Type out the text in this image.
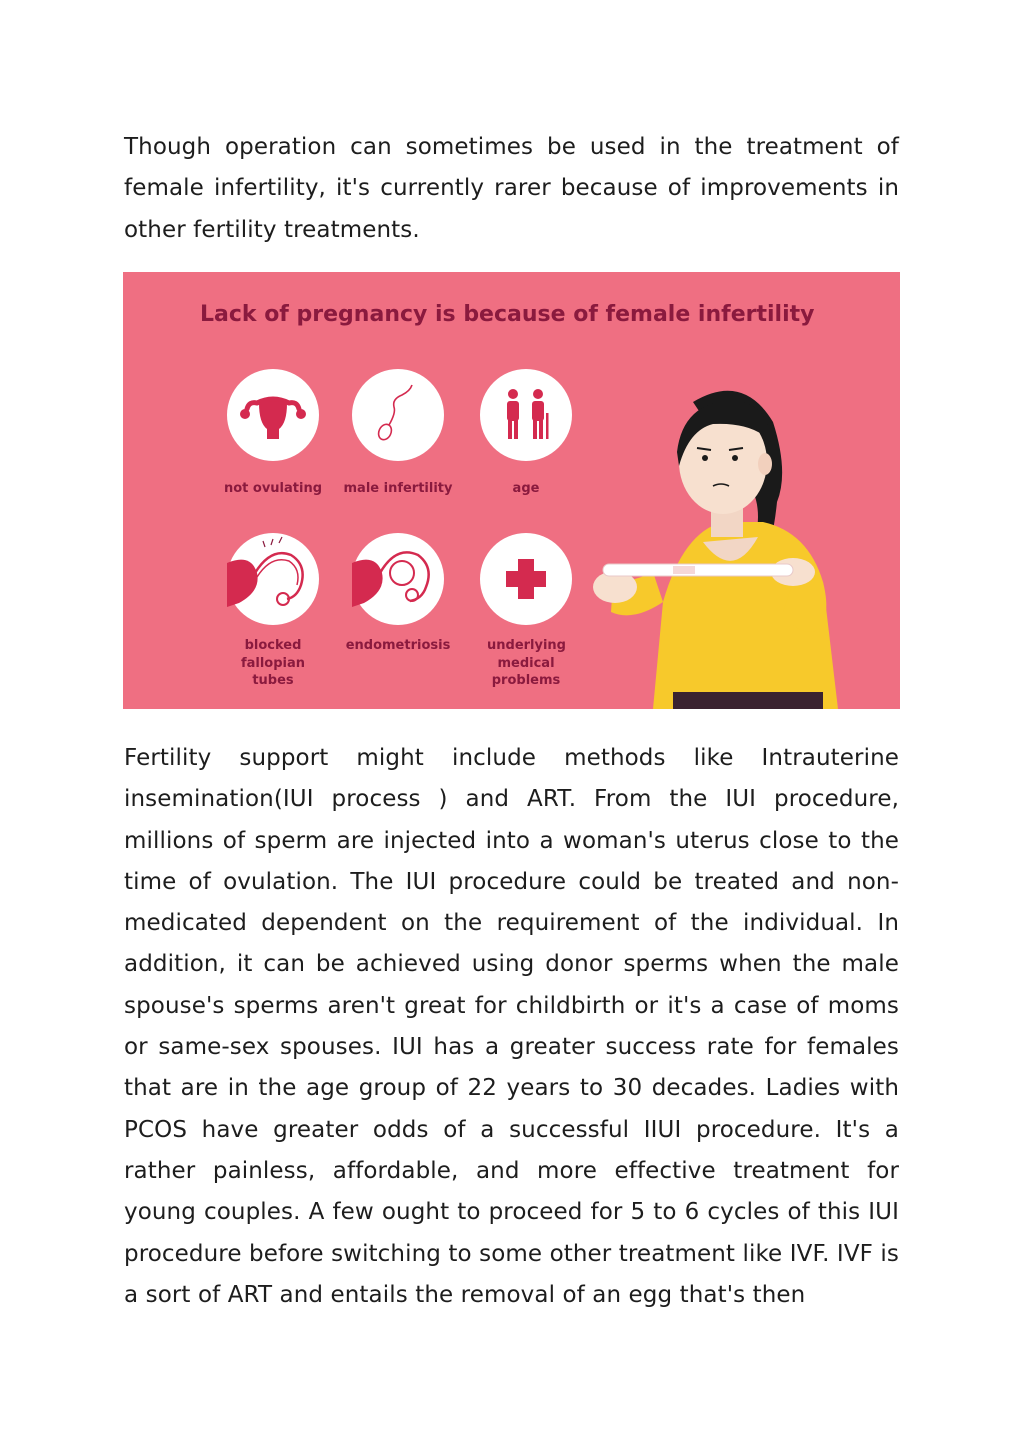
Though operation can sometimes be used in the treatment of female infertility, it's currently rarer because of improvements in other fertility treatments.

Lack of pregnancy is because of female infertility
not ovulating	male infertility	age
blocked fallopian tubes
endometriosis	underlying medical problems

Fertility support might include methods like Intrauterine insemination(IUI process ) and ART. From the IUI procedure, millions of sperm are injected into a woman's uterus close to the time of ovulation. The IUI procedure could be treated and non-medicated dependent on the requirement of the individual. In addition, it can be achieved using donor sperms when the male spouse's sperms aren't great for childbirth or it's a case of moms or same-sex spouses. IUI has a greater success rate for females that are in the age group of 22 years to 30 decades. Ladies with PCOS have greater odds of a successful IIUI procedure. It's a rather painless, affordable, and more effective treatment for young couples. A few ought to proceed for 5 to 6 cycles of this IUI procedure before switching to some other treatment like IVF. IVF is a sort of ART and entails the removal of an egg that's then
